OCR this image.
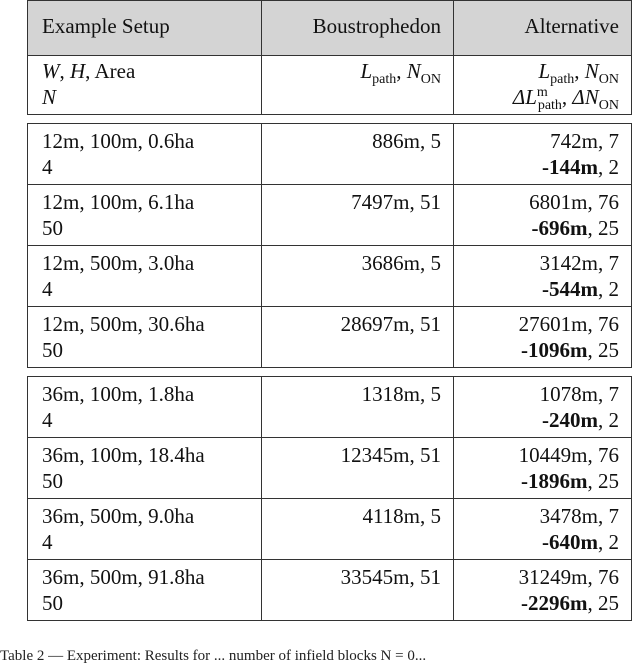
Example Setup	Boustrophedon	Alternative

W, H, Area
N	$L_{path}$, $N_{ON}$	$L_{path}$, $N_{ON}$
$\Delta L^m_{path}$, $\Delta N_{ON}$
12m, 100m, 0.6ha
4	886m, 5	742m, 7
-144m, 2

12m, 100m, 6.1ha
50	7497m, 51	6801m, 76
-696m, 25

12m, 500m, 3.0ha
4	3686m, 5	3142m, 7
-544m, 2

12m, 500m, 30.6ha
50	28697m, 51	27601m, 76
-1096m, 25
36m, 100m, 1.8ha
4	1318m, 5	1078m, 7
-240m, 2

36m, 100m, 18.4ha
50	12345m, 51	10449m, 76
-1896m, 25

36m, 500m, 9.0ha
4	4118m, 5	3478m, 7
-640m, 2

36m, 500m, 91.8ha
50	33545m, 51	31249m, 76
-2296m, 25
Table 2 — Experiment: Results for ... number of infield blocks N = 0...
